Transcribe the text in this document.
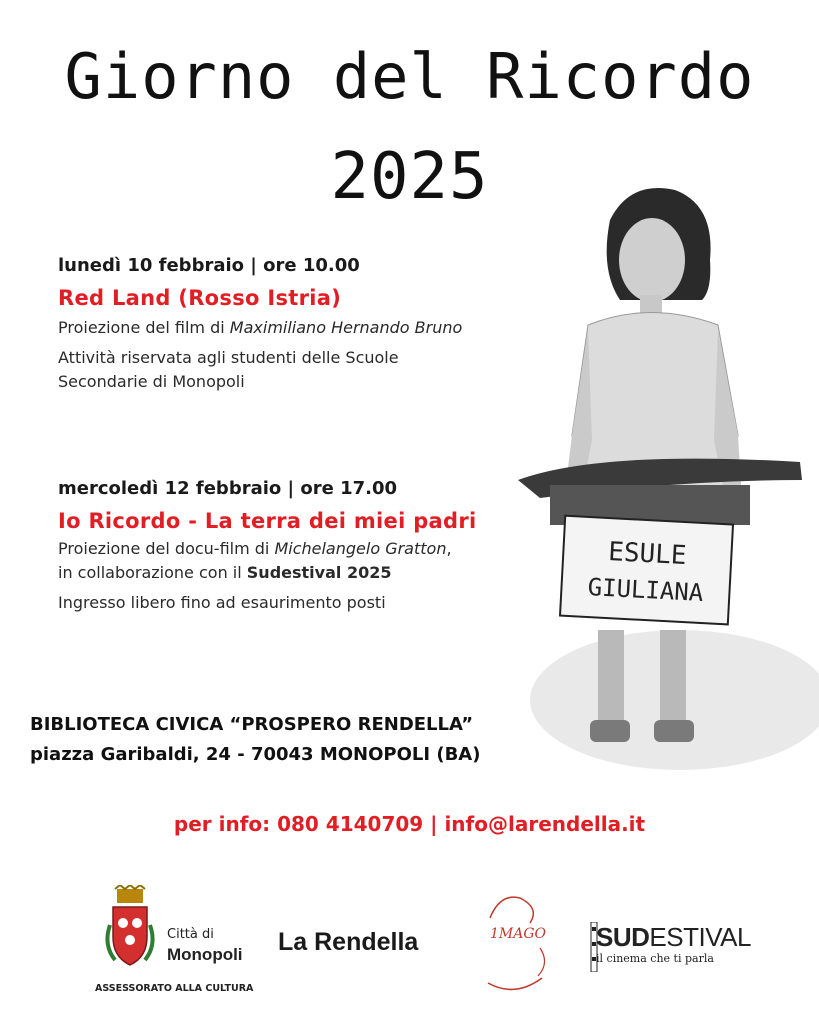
Giorno del Ricordo
2025
ESULE
GIULIANA
lunedì 10 febbraio | ore 10.00
Red Land (Rosso Istria)
Proiezione del film di Maximiliano Hernando Bruno
Attività riservata agli studenti delle Scuole Secondarie di Monopoli
mercoledì 12 febbraio | ore 17.00
Io Ricordo - La terra dei miei padri
Proiezione del docu-film di Michelangelo Gratton,
in collaborazione con il Sudestival 2025
Ingresso libero fino ad esaurimento posti
BIBLIOTECA CIVICA “PROSPERO RENDELLA”
piazza Garibaldi, 24 - 70043 MONOPOLI (BA)
per info: 080 4140709 | info@larendella.it
Città di
Monopoli
ASSESSORATO ALLA CULTURA
La Rendella	1MAGO SUDESTIVAL
il cinema che ti parla
